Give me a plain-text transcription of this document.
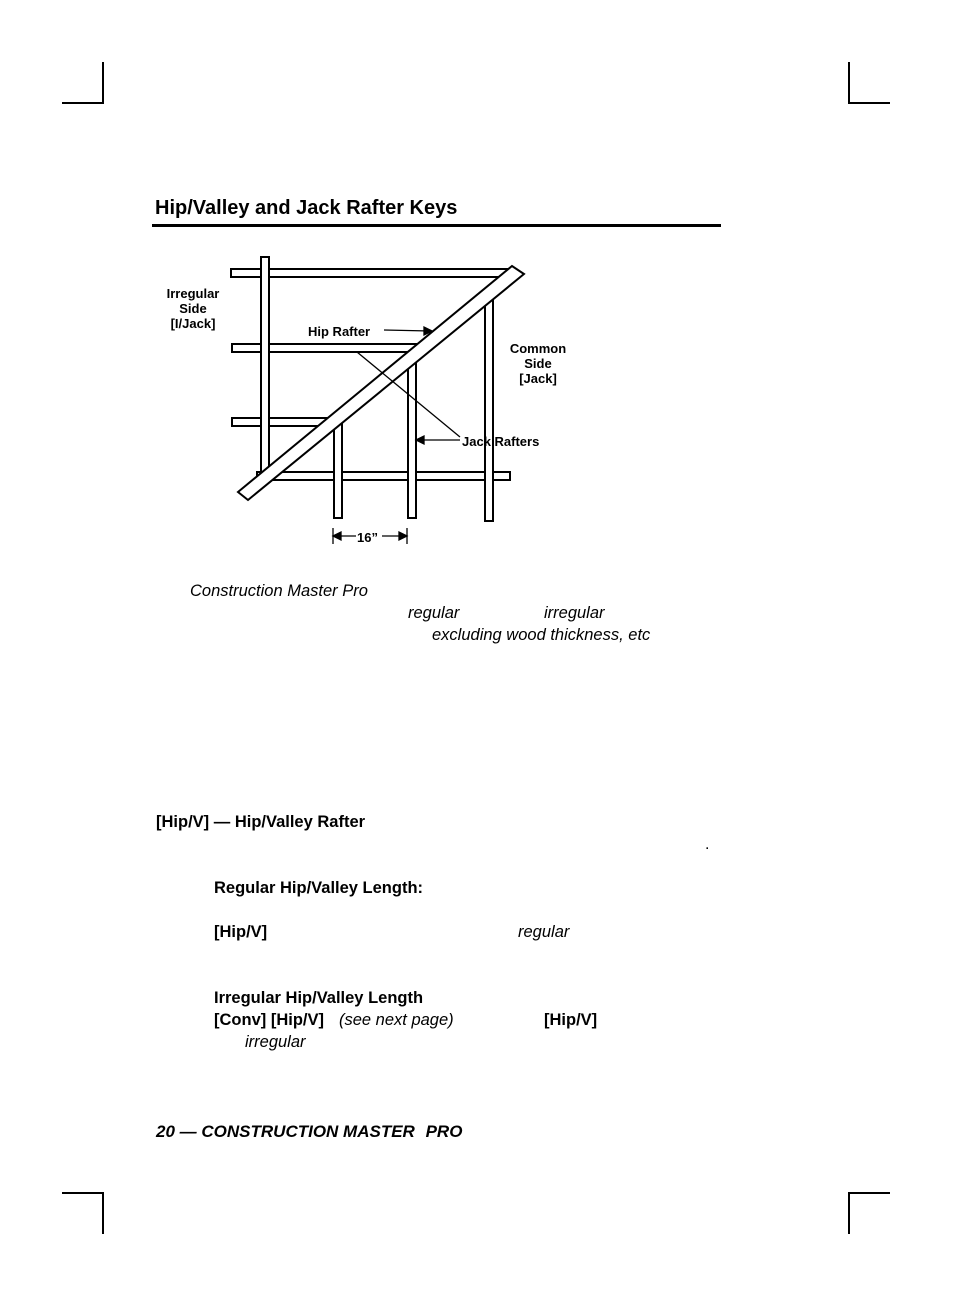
Hip/Valley and Jack Rafter Keys
Irregular
Side
[I/Jack]
Hip Rafter
Common
Side
[Jack]
Jack Rafters
16”
Construction Master Pro
regular	irregular
excluding wood thickness, etc
[Hip/V] — Hip/Valley Rafter
.
Regular Hip/Valley Length:
[Hip/V]	regular
Irregular Hip/Valley Length
[Conv] [Hip/V] (see next page)	[Hip/V]
irregular
20 — CONSTRUCTION MASTER PRO
